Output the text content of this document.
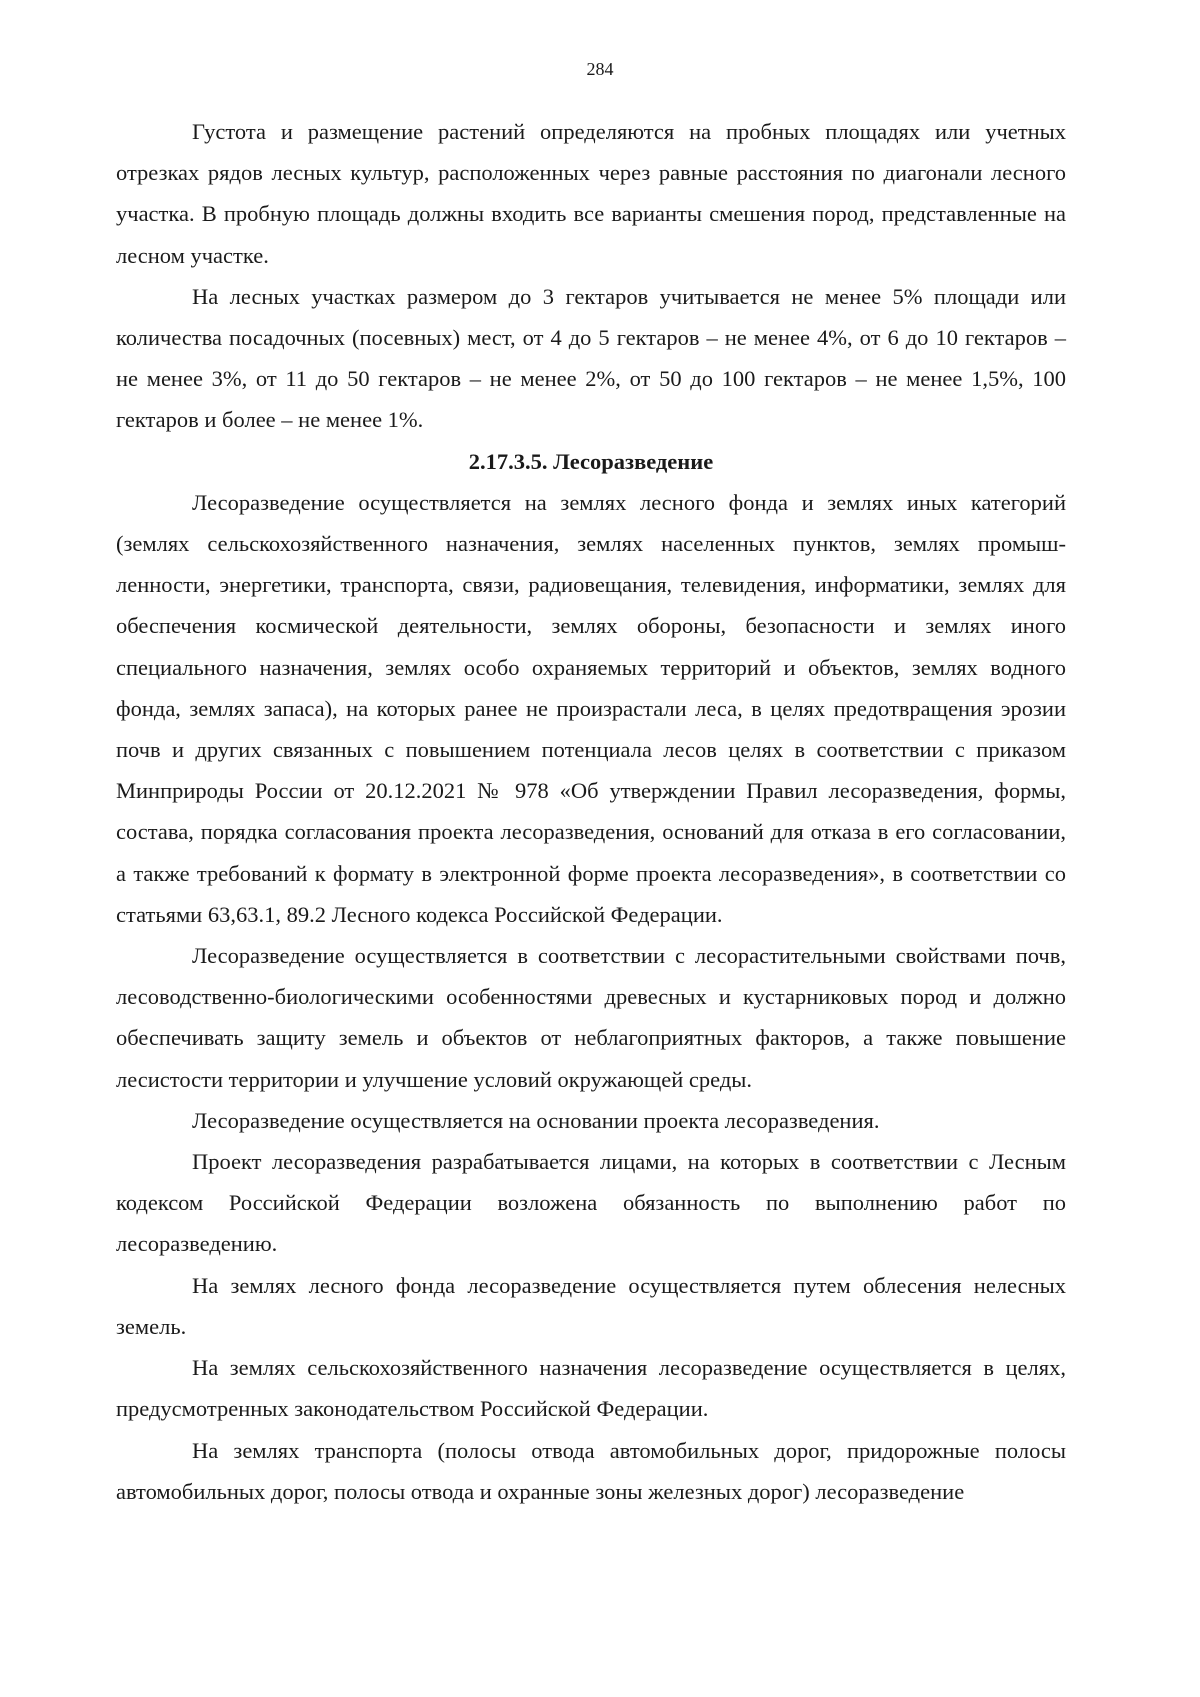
284

Густота и размещение растений определяются на пробных площадях или учетных отрезках рядов лесных культур, расположенных через равные расстояния по диагонали лесного участка. В пробную площадь должны входить все варианты смешения пород, представленные на лесном участке.

На лесных участках размером до 3 гектаров учитывается не менее 5% площади или количества посадочных (посевных) мест, от 4 до 5 гектаров – не менее 4%, от 6 до 10 гектаров – не менее 3%, от 11 до 50 гектаров – не менее 2%, от 50 до 100 гектаров – не менее 1,5%, 100 гектаров и более – не менее 1%.

2.17.3.5. Лесоразведение

Лесоразведение осуществляется на землях лесного фонда и землях иных категорий (землях сельскохозяйственного назначения, землях населенных пунктов, землях промышленности, энергетики, транспорта, связи, радиовещания, телевидения, информатики, землях для обеспечения космической деятельности, землях обороны, безопасности и землях иного специального назначения, землях особо охраняемых территорий и объектов, землях водного фонда, землях запаса), на которых ранее не произрастали леса, в целях предотвращения эрозии почв и других связанных с повышением потенциала лесов целях в соответствии с приказом Минприроды России от 20.12.2021 № 978 «Об утверждении Правил лесоразведения, формы, состава, порядка согласования проекта лесоразведения, оснований для отказа в его согласовании, а также требований к формату в электронной форме проекта лесоразведения», в соответствии со статьями 63,63.1, 89.2 Лесного кодекса Российской Федерации.

Лесоразведение осуществляется в соответствии с лесорастительными свойствами почв, лесоводственно-биологическими особенностями древесных и кустарниковых пород и должно обеспечивать защиту земель и объектов от неблагоприятных факторов, а также повышение лесистости территории и улучшение условий окружающей среды.

Лесоразведение осуществляется на основании проекта лесоразведения.

Проект лесоразведения разрабатывается лицами, на которых в соответствии с Лесным кодексом Российской Федерации возложена обязанность по выполнению работ по лесоразведению.

На землях лесного фонда лесоразведение осуществляется путем облесения нелесных земель.

На землях сельскохозяйственного назначения лесоразведение осуществляется в целях, предусмотренных законодательством Российской Федерации.

На землях транспорта (полосы отвода автомобильных дорог, придорожные полосы автомобильных дорог, полосы отвода и охранные зоны железных дорог) лесоразведение
